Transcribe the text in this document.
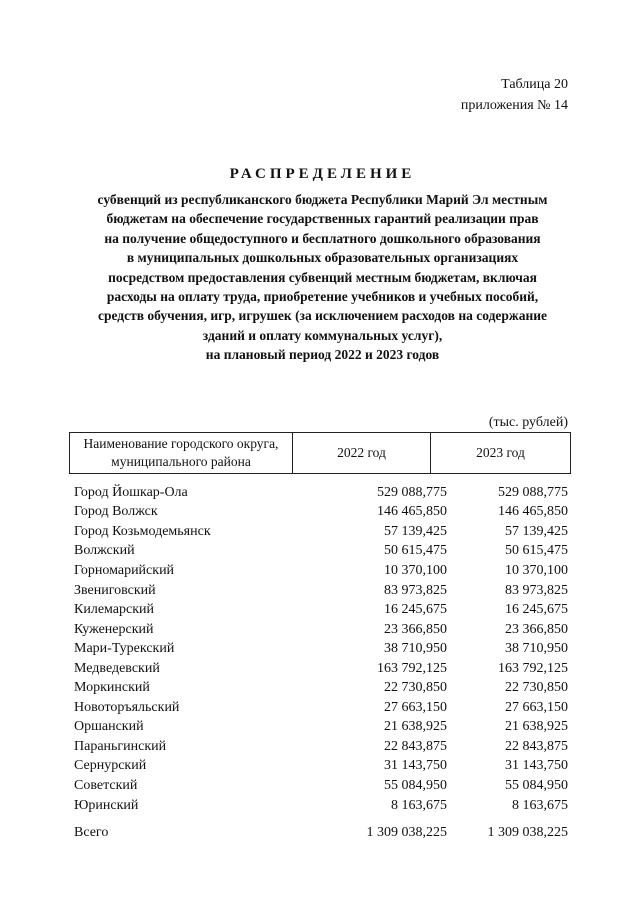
Таблица 20
приложения № 14
РАСПРЕДЕЛЕНИЕ
субвенций из республиканского бюджета Республики Марий Эл местным
бюджетам на обеспечение государственных гарантий реализации прав
на получение общедоступного и бесплатного дошкольного образования
в муниципальных дошкольных образовательных организациях
посредством предоставления субвенций местным бюджетам, включая
расходы на оплату труда, приобретение учебников и учебных пособий,
средств обучения, игр, игрушек (за исключением расходов на содержание
зданий и оплату коммунальных услуг),
на плановый период 2022 и 2023 годов
(тыс. рублей)
Наименование городского округа, муниципального района	2022 год	2023 год
Город Йошкар-Ола	529 088,775	529 088,775
Город Волжск	146 465,850	146 465,850
Город Козьмодемьянск	57 139,425	57 139,425
Волжский	50 615,475	50 615,475
Горномарийский	10 370,100	10 370,100
Звениговский	83 973,825	83 973,825
Килемарский	16 245,675	16 245,675
Куженерский	23 366,850	23 366,850
Мари-Турекский	38 710,950	38 710,950
Медведевский	163 792,125	163 792,125
Моркинский	22 730,850	22 730,850
Новоторъяльский	27 663,150	27 663,150
Оршанский	21 638,925	21 638,925
Параньгинский	22 843,875	22 843,875
Сернурский	31 143,750	31 143,750
Советский	55 084,950	55 084,950
Юринский	8 163,675	8 163,675
Всего	1 309 038,225	1 309 038,225
